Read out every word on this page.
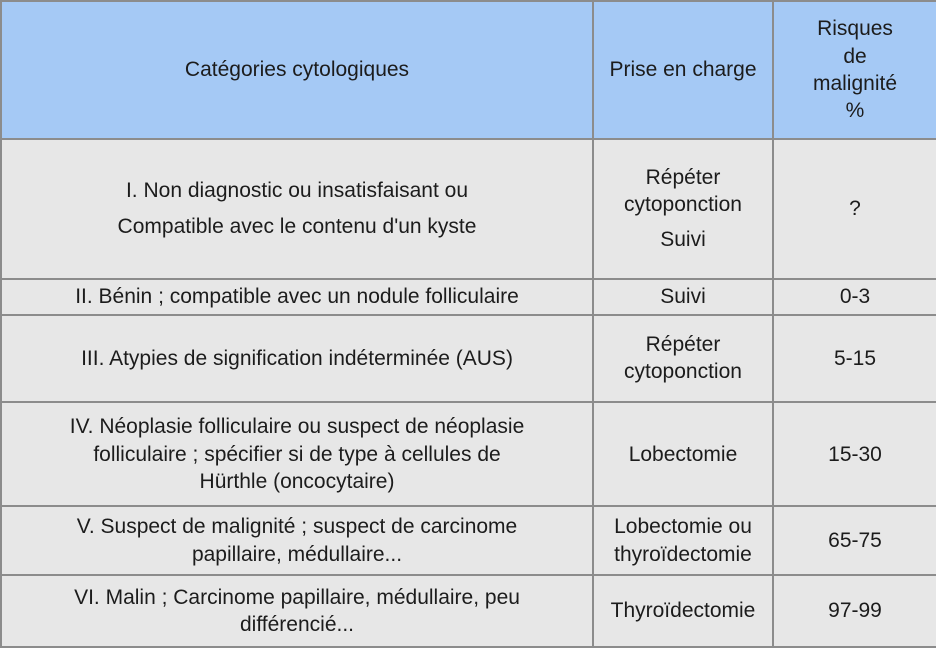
Catégories cytologiques	Prise en charge	Risques
de
malignité
%

I. Non diagnostic ou insatisfaisant ou
Compatible avec le contenu d'un kyste	Répéter
cytoponction
Suivi	?
II. Bénin ; compatible avec un nodule folliculaire	Suivi	0-3
III. Atypies de signification indéterminée (AUS)	Répéter
cytoponction	5-15
IV. Néoplasie folliculaire ou suspect de néoplasie
folliculaire ; spécifier si de type à cellules de
Hürthle (oncocytaire)	Lobectomie	15-30
V. Suspect de malignité ; suspect de carcinome
papillaire, médullaire...	Lobectomie ou
thyroïdectomie	65-75
VI. Malin ; Carcinome papillaire, médullaire, peu
différencié...	Thyroïdectomie	97-99
